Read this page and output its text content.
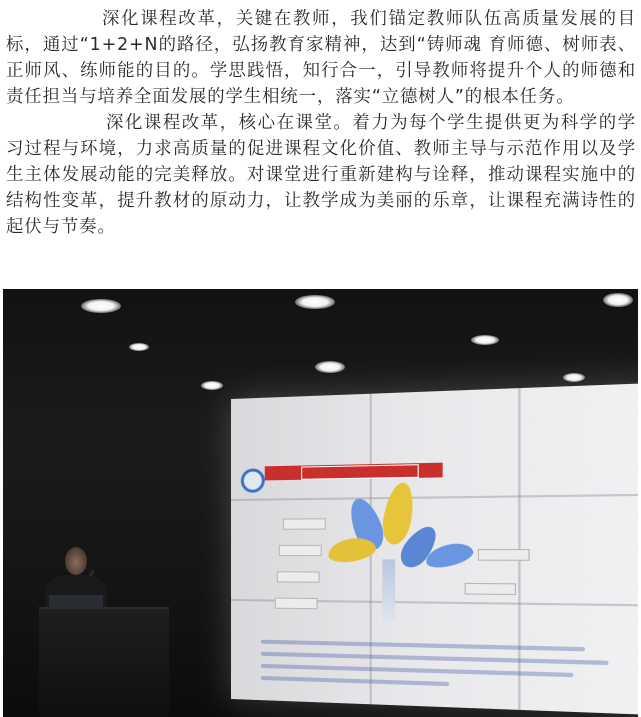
深化课程改革，关键在教师，我们锚定教师队伍高质量发展的目标，通过“1+2+N的路径，弘扬教育家精神，达到“铸师魂 育师德、树师表、正师风、练师能的目的。学思践悟，知行合一，引导教师将提升个人的师德和责任担当与培养全面发展的学生相统一，落实“立德树人”的根本任务。

深化课程改革，核心在课堂。着力为每个学生提供更为科学的学习过程与环境，力求高质量的促进课程文化价值、教师主导与示范作用以及学生主体发展动能的完美释放。对课堂进行重新建构与诠释，推动课程实施中的结构性变革，提升教材的原动力，让教学成为美丽的乐章，让课程充满诗性的起伏与节奏。
